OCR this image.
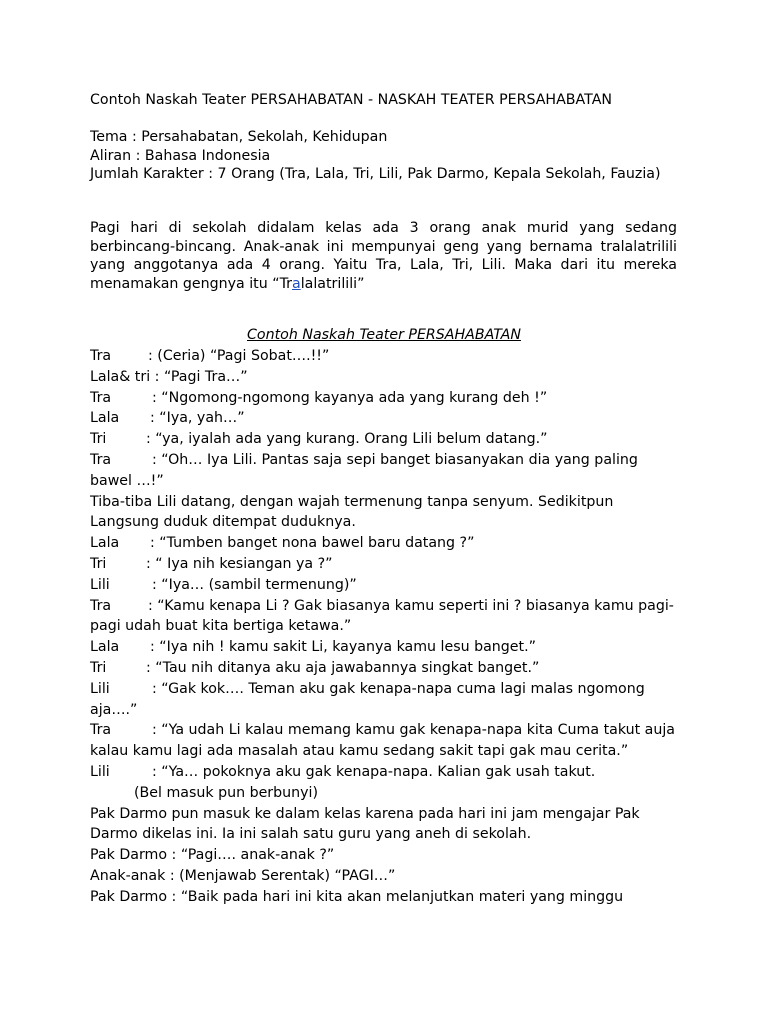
Contoh Naskah Teater PERSAHABATAN - NASKAH TEATER PERSAHABATAN
Tema : Persahabatan, Sekolah, Kehidupan
Aliran : Bahasa Indonesia
Jumlah Karakter : 7 Orang (Tra, Lala, Tri, Lili, Pak Darmo, Kepala Sekolah, Fauzia)
Pagi hari di sekolah didalam kelas ada 3 orang anak murid yang sedang berbincang-bincang. Anak-anak ini mempunyai geng yang bernama tralalatrilili yang anggotanya ada 4 orang. Yaitu Tra, Lala, Tri, Lili. Maka dari itu mereka menamakan gengnya itu “Tralalatrilili”
Contoh Naskah Teater PERSAHABATAN

Tra	: (Ceria) “Pagi Sobat….!!”

Lala& tri : “Pagi Tra…”

Tra	: “Ngomong-ngomong kayanya ada yang kurang deh !”

Lala : “Iya, yah…”

Tri	: “ya, iyalah ada yang kurang. Orang Lili belum datang.”

Tra	: “Oh… Iya Lili. Pantas saja sepi banget biasanyakan dia yang paling bawel …!”

Tiba-tiba Lili datang, dengan wajah termenung tanpa senyum. Sedikitpun Langsung duduk ditempat duduknya.

Lala : “Tumben banget nona bawel baru datang ?”

Tri	: “ Iya nih kesiangan ya ?”

Lili	: “Iya… (sambil termenung)”

Tra	: “Kamu kenapa Li ? Gak biasanya kamu seperti ini ? biasanya kamu pagi-pagi udah buat kita bertiga ketawa.”

Lala : “Iya nih ! kamu sakit Li, kayanya kamu lesu banget.”

Tri	: “Tau nih ditanya aku aja jawabannya singkat banget.”

Lili	: “Gak kok…. Teman aku gak kenapa-napa cuma lagi malas ngomong aja….”

Tra	: “Ya udah Li kalau memang kamu gak kenapa-napa kita Cuma takut auja kalau kamu lagi ada masalah atau kamu sedang sakit tapi gak mau cerita.”

Lili	: “Ya… pokoknya aku gak kenapa-napa. Kalian gak usah takut.

(Bel masuk pun berbunyi)

Pak Darmo pun masuk ke dalam kelas karena pada hari ini jam mengajar Pak Darmo dikelas ini. Ia ini salah satu guru yang aneh di sekolah.

Pak Darmo : “Pagi…. anak-anak ?”

Anak-anak : (Menjawab Serentak) “PAGI…”

Pak Darmo : “Baik pada hari ini kita akan melanjutkan materi yang minggu
